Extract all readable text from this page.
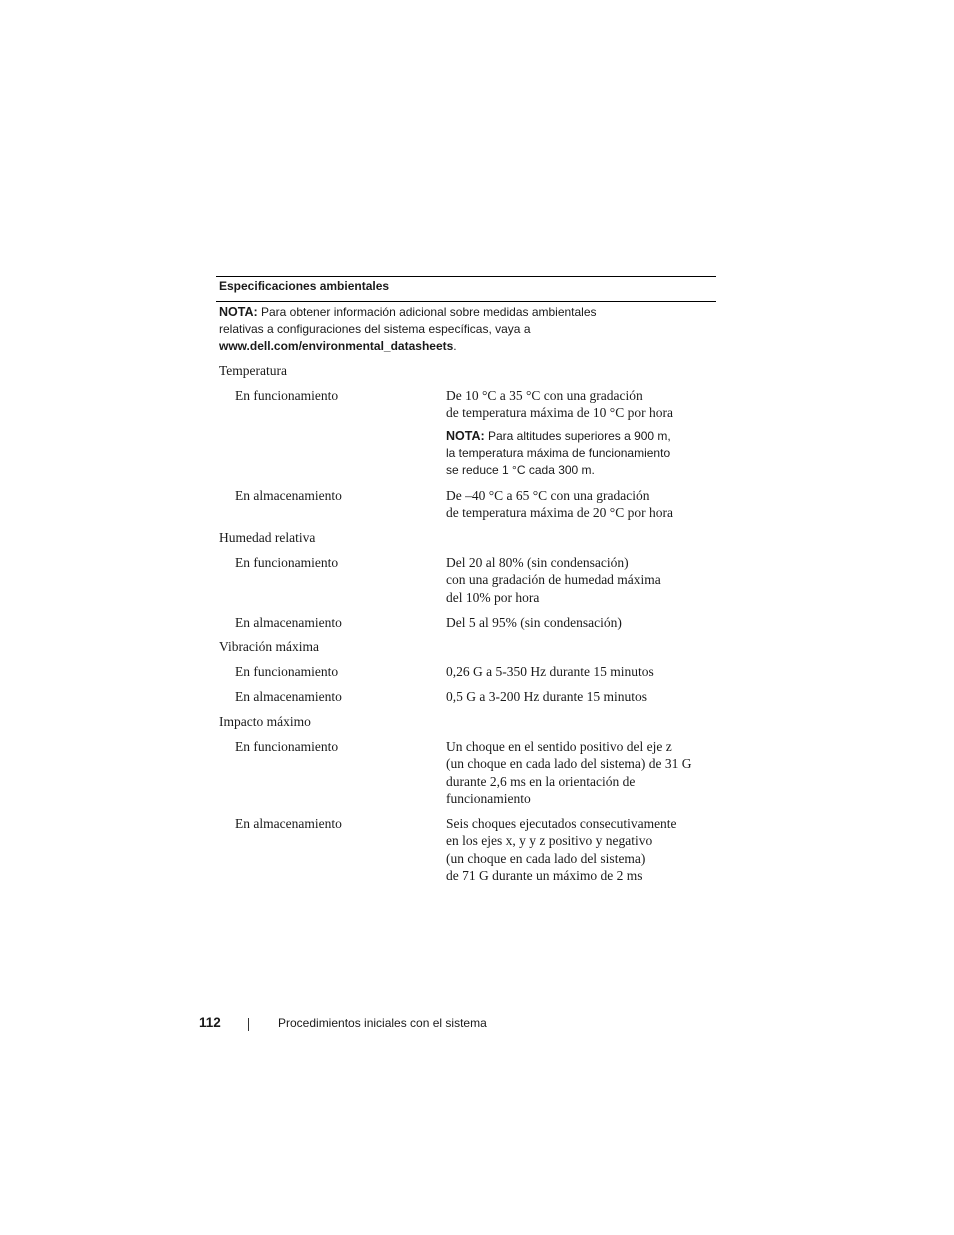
Especificaciones ambientales
NOTA: Para obtener información adicional sobre medidas ambientales
relativas a configuraciones del sistema específicas, vaya a
www.dell.com/environmental_datasheets.
Temperatura
En funcionamiento	De 10 °C a 35 °C con una gradación
de temperatura máxima de 10 °C por hora
NOTA: Para altitudes superiores a 900 m,
la temperatura máxima de funcionamiento
se reduce 1 °C cada 300 m.
En almacenamiento	De –40 °C a 65 °C con una gradación
de temperatura máxima de 20 °C por hora
Humedad relativa
En funcionamiento	Del 20 al 80% (sin condensación)
con una gradación de humedad máxima
del 10% por hora
En almacenamiento	Del 5 al 95% (sin condensación)
Vibración máxima
En funcionamiento	0,26 G a 5-350 Hz durante 15 minutos
En almacenamiento	0,5 G a 3-200 Hz durante 15 minutos
Impacto máximo
En funcionamiento	Un choque en el sentido positivo del eje z
(un choque en cada lado del sistema) de 31 G
durante 2,6 ms en la orientación de
funcionamiento
En almacenamiento	Seis choques ejecutados consecutivamente
en los ejes x, y y z positivo y negativo
(un choque en cada lado del sistema)
de 71 G durante un máximo de 2 ms
112	Procedimientos iniciales con el sistema
